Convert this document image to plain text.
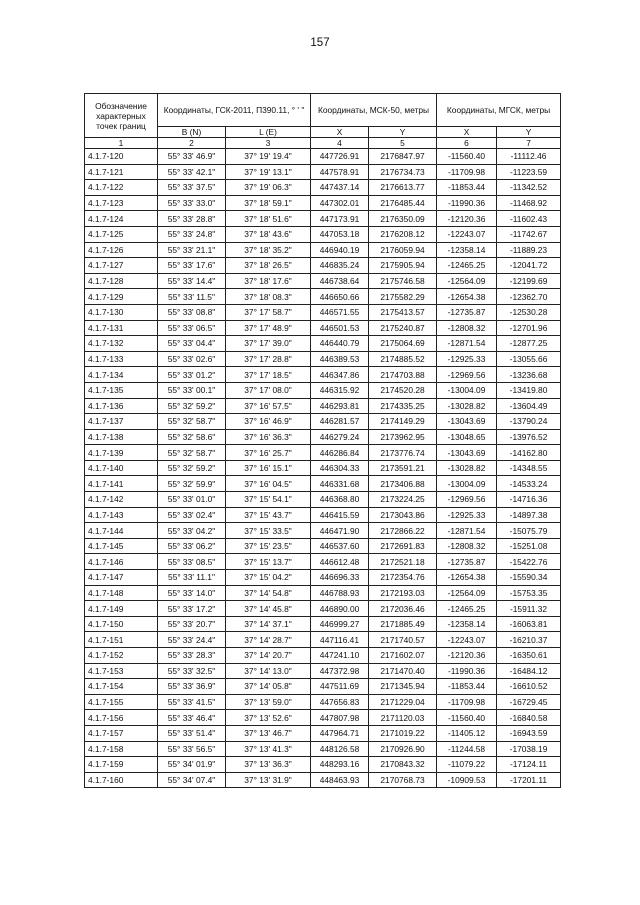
157
Обозначение характерных точек границ	Координаты, ГСК-2011, П390.11, ° ' "		Координаты, МСК-50, метры		Координаты, МГСК, метры	
	B (N)	L (E)	X	Y	X	Y
1	2	3	4	5	6	7
4.1.7-120	55° 33' 46.9"	37° 19' 19.4"	447726.91	2176847.97	-11560.40	-11112.46
4.1.7-121	55° 33' 42.1"	37° 19' 13.1"	447578.91	2176734.73	-11709.98	-11223.59
4.1.7-122	55° 33' 37.5"	37° 19' 06.3"	447437.14	2176613.77	-11853.44	-11342.52
4.1.7-123	55° 33' 33.0"	37° 18' 59.1"	447302.01	2176485.44	-11990.36	-11468.92
4.1.7-124	55° 33' 28.8"	37° 18' 51.6"	447173.91	2176350.09	-12120.36	-11602.43
4.1.7-125	55° 33' 24.8"	37° 18' 43.6"	447053.18	2176208.12	-12243.07	-11742.67
4.1.7-126	55° 33' 21.1"	37° 18' 35.2"	446940.19	2176059.94	-12358.14	-11889.23
4.1.7-127	55° 33' 17.6"	37° 18' 26.5"	446835.24	2175905.94	-12465.25	-12041.72
4.1.7-128	55° 33' 14.4"	37° 18' 17.6"	446738.64	2175746.58	-12564.09	-12199.69
4.1.7-129	55° 33' 11.5"	37° 18' 08.3"	446650.66	2175582.29	-12654.38	-12362.70
4.1.7-130	55° 33' 08.8"	37° 17' 58.7"	446571.55	2175413.57	-12735.87	-12530.28
4.1.7-131	55° 33' 06.5"	37° 17' 48.9"	446501.53	2175240.87	-12808.32	-12701.96
4.1.7-132	55° 33' 04.4"	37° 17' 39.0"	446440.79	2175064.69	-12871.54	-12877.25
4.1.7-133	55° 33' 02.6"	37° 17' 28.8"	446389.53	2174885.52	-12925.33	-13055.66
4.1.7-134	55° 33' 01.2"	37° 17' 18.5"	446347.86	2174703.88	-12969.56	-13236.68
4.1.7-135	55° 33' 00.1"	37° 17' 08.0"	446315.92	2174520.28	-13004.09	-13419.80
4.1.7-136	55° 32' 59.2"	37° 16' 57.5"	446293.81	2174335.25	-13028.82	-13604.49
4.1.7-137	55° 32' 58.7"	37° 16' 46.9"	446281.57	2174149.29	-13043.69	-13790.24
4.1.7-138	55° 32' 58.6"	37° 16' 36.3"	446279.24	2173962.95	-13048.65	-13976.52
4.1.7-139	55° 32' 58.7"	37° 16' 25.7"	446286.84	2173776.74	-13043.69	-14162.80
4.1.7-140	55° 32' 59.2"	37° 16' 15.1"	446304.33	2173591.21	-13028.82	-14348.55
4.1.7-141	55° 32' 59.9"	37° 16' 04.5"	446331.68	2173406.88	-13004.09	-14533.24
4.1.7-142	55° 33' 01.0"	37° 15' 54.1"	446368.80	2173224.25	-12969.56	-14716.36
4.1.7-143	55° 33' 02.4"	37° 15' 43.7"	446415.59	2173043.86	-12925.33	-14897.38
4.1.7-144	55° 33' 04.2"	37° 15' 33.5"	446471.90	2172866.22	-12871.54	-15075.79
4.1.7-145	55° 33' 06.2"	37° 15' 23.5"	446537.60	2172691.83	-12808.32	-15251.08
4.1.7-146	55° 33' 08.5"	37° 15' 13.7"	446612.48	2172521.18	-12735.87	-15422.76
4.1.7-147	55° 33' 11.1"	37° 15' 04.2"	446696.33	2172354.76	-12654.38	-15590.34
4.1.7-148	55° 33' 14.0"	37° 14' 54.8"	446788.93	2172193.03	-12564.09	-15753.35
4.1.7-149	55° 33' 17.2"	37° 14' 45.8"	446890.00	2172036.46	-12465.25	-15911.32
4.1.7-150	55° 33' 20.7"	37° 14' 37.1"	446999.27	2171885.49	-12358.14	-16063.81
4.1.7-151	55° 33' 24.4"	37° 14' 28.7"	447116.41	2171740.57	-12243.07	-16210.37
4.1.7-152	55° 33' 28.3"	37° 14' 20.7"	447241.10	2171602.07	-12120.36	-16350.61
4.1.7-153	55° 33' 32.5"	37° 14' 13.0"	447372.98	2171470.40	-11990.36	-16484.12
4.1.7-154	55° 33' 36.9"	37° 14' 05.8"	447511.69	2171345.94	-11853.44	-16610.52
4.1.7-155	55° 33' 41.5"	37° 13' 59.0"	447656.83	2171229.04	-11709.98	-16729.45
4.1.7-156	55° 33' 46.4"	37° 13' 52.6"	447807.98	2171120.03	-11560.40	-16840.58
4.1.7-157	55° 33' 51.4"	37° 13' 46.7"	447964.71	2171019.22	-11405.12	-16943.59
4.1.7-158	55° 33' 56.5"	37° 13' 41.3"	448126.58	2170926.90	-11244.58	-17038.19
4.1.7-159	55° 34' 01.9"	37° 13' 36.3"	448293.16	2170843.32	-11079.22	-17124.11
4.1.7-160	55° 34' 07.4"	37° 13' 31.9"	448463.93	2170768.73	-10909.53	-17201.11
